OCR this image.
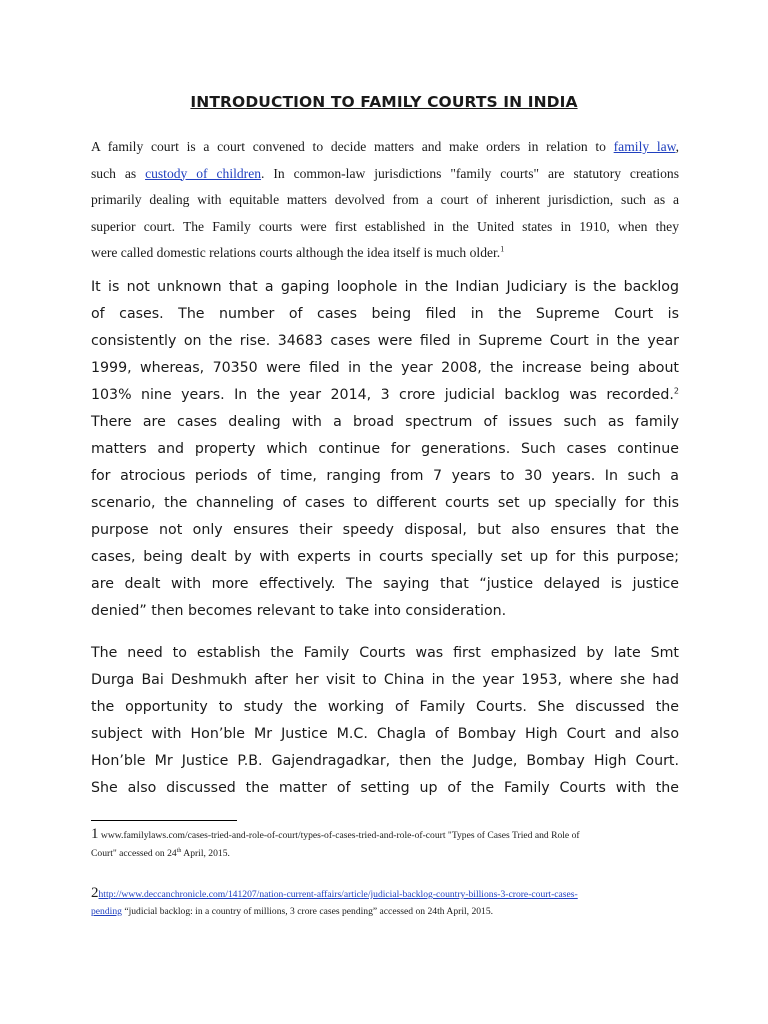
INTRODUCTION TO FAMILY COURTS IN INDIA
A family court is a court convened to decide matters and make orders in relation to family law,
such as custody of children. In common-law jurisdictions "family courts" are statutory creations
primarily dealing with equitable matters devolved from a court of inherent jurisdiction, such as a
superior court. The Family courts were first established in the United states in 1910, when they
were called domestic relations courts although the idea itself is much older.$^1$
It is not unknown that a gaping loophole in the Indian Judiciary is the backlog
of cases. The number of cases being filed in the Supreme Court is
consistently on the rise. 34683 cases were filed in Supreme Court in the year
1999, whereas, 70350 were filed in the year 2008, the increase being about
103% nine years. In the year 2014, 3 crore judicial backlog was recorded.$^2$
There are cases dealing with a broad spectrum of issues such as family
matters and property which continue for generations. Such cases continue
for atrocious periods of time, ranging from 7 years to 30 years. In such a
scenario, the channeling of cases to different courts set up specially for this
purpose not only ensures their speedy disposal, but also ensures that the
cases, being dealt by with experts in courts specially set up for this purpose;
are dealt with more effectively. The saying that “justice delayed is justice
denied” then becomes relevant to take into consideration.
The need to establish the Family Courts was first emphasized by late Smt
Durga Bai Deshmukh after her visit to China in the year 1953, where she had
the opportunity to study the working of Family Courts. She discussed the
subject with Hon’ble Mr Justice M.C. Chagla of Bombay High Court and also
Hon’ble Mr Justice P.B. Gajendragadkar, then the Judge, Bombay High Court.
She also discussed the matter of setting up of the Family Courts with the
1 www.familylaws.com/cases-tried-and-role-of-court/types-of-cases-tried-and-role-of-court "Types of Cases Tried and Role of
Court" accessed on 24th April, 2015.
2http://www.deccanchronicle.com/141207/nation-current-affairs/article/judicial-backlog-country-billions-3-crore-court-cases-
pending “judicial backlog: in a country of millions, 3 crore cases pending” accessed on 24th April, 2015.
